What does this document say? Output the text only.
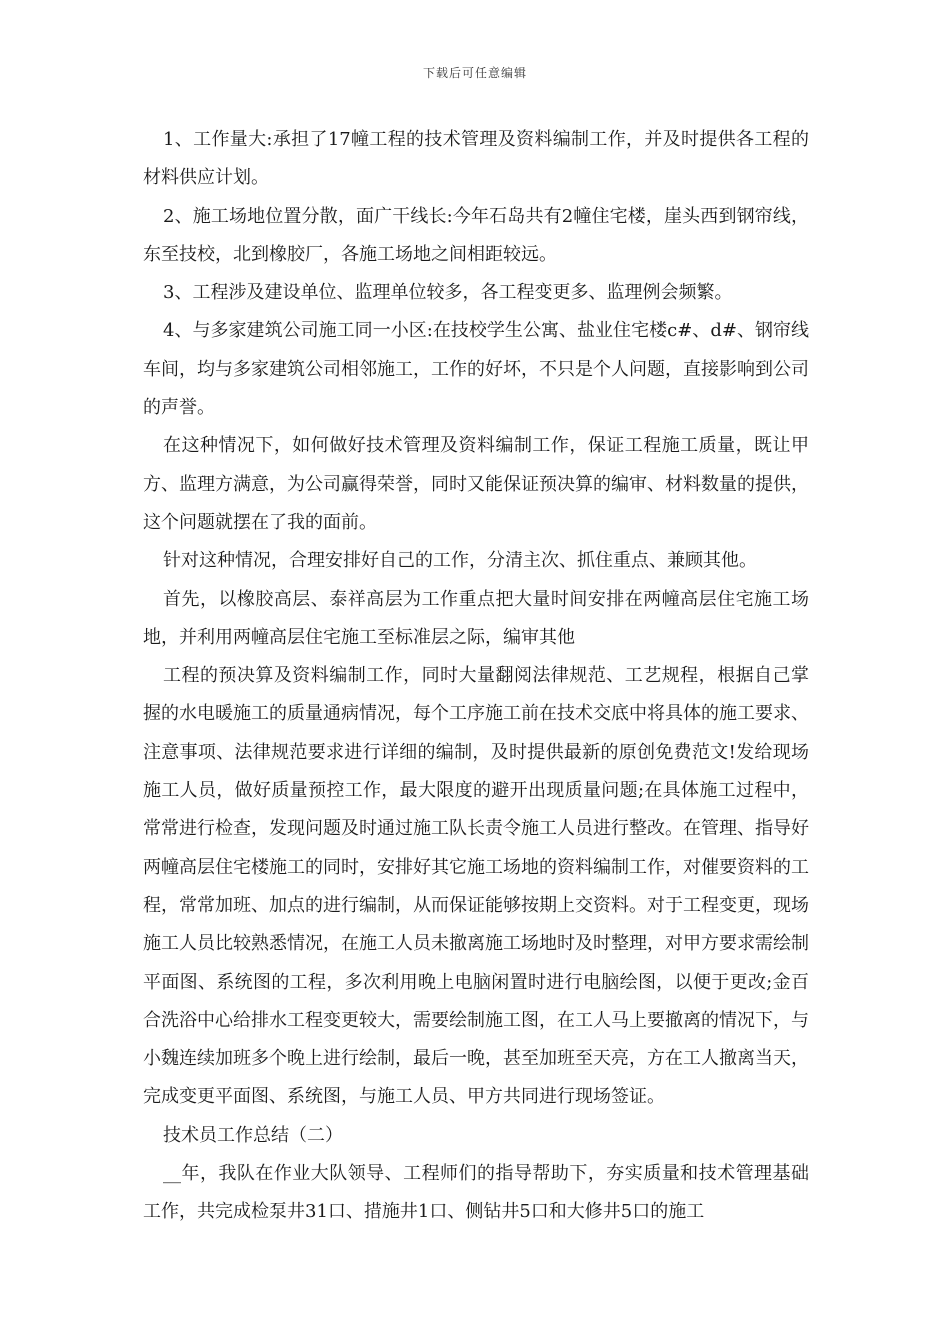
下载后可任意编辑

1、工作量大:承担了17幢工程的技术管理及资料编制工作，并及时提供各工程的材料供应计划。

2、施工场地位置分散，面广干线长:今年石岛共有2幢住宅楼，崖头西到钢帘线，东至技校，北到橡胶厂，各施工场地之间相距较远。

3、工程涉及建设单位、监理单位较多，各工程变更多、监理例会频繁。

4、与多家建筑公司施工同一小区:在技校学生公寓、盐业住宅楼c#、d#、钢帘线车间，均与多家建筑公司相邻施工，工作的好坏，不只是个人问题，直接影响到公司的声誉。

在这种情况下，如何做好技术管理及资料编制工作，保证工程施工质量，既让甲方、监理方满意，为公司赢得荣誉，同时又能保证预决算的编审、材料数量的提供，这个问题就摆在了我的面前。

针对这种情况，合理安排好自己的工作，分清主次、抓住重点、兼顾其他。

首先，以橡胶高层、泰祥高层为工作重点把大量时间安排在两幢高层住宅施工场地，并利用两幢高层住宅施工至标准层之际，编审其他

工程的预决算及资料编制工作，同时大量翻阅法律规范、工艺规程，根据自己掌握的水电暖施工的质量通病情况，每个工序施工前在技术交底中将具体的施工要求、注意事项、法律规范要求进行详细的编制，及时提供最新的原创免费范文!发给现场施工人员，做好质量预控工作，最大限度的避开出现质量问题;在具体施工过程中，常常进行检查，发现问题及时通过施工队长责令施工人员进行整改。在管理、指导好两幢高层住宅楼施工的同时，安排好其它施工场地的资料编制工作，对催要资料的工程，常常加班、加点的进行编制，从而保证能够按期上交资料。对于工程变更，现场施工人员比较熟悉情况，在施工人员未撤离施工场地时及时整理，对甲方要求需绘制平面图、系统图的工程，多次利用晚上电脑闲置时进行电脑绘图，以便于更改;金百合洗浴中心给排水工程变更较大，需要绘制施工图，在工人马上要撤离的情况下，与小魏连续加班多个晚上进行绘制，最后一晚，甚至加班至天亮，方在工人撤离当天，完成变更平面图、系统图，与施工人员、甲方共同进行现场签证。

技术员工作总结（二）

__年，我队在作业大队领导、工程师们的指导帮助下，夯实质量和技术管理基础工作，共完成检泵井31口、措施井1口、侧钻井5口和大修井5口的施工
